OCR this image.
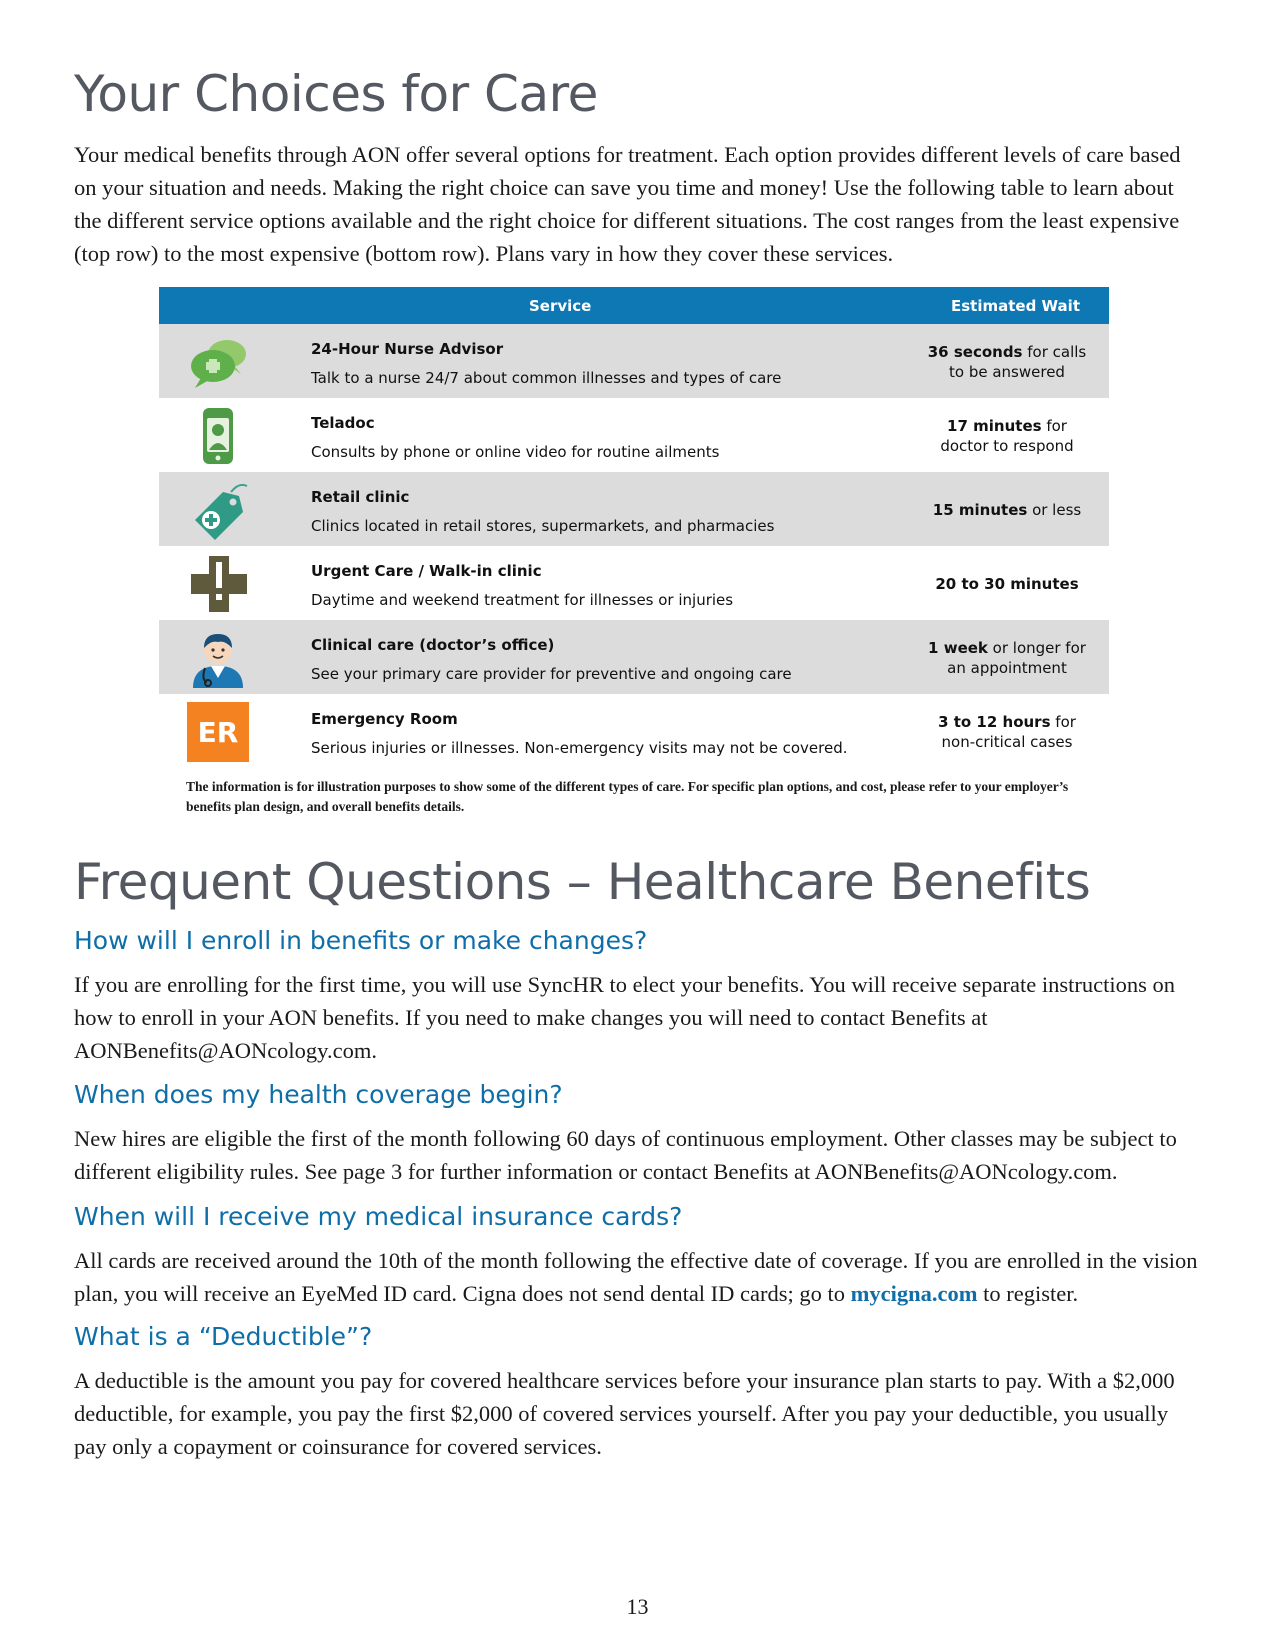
Your Choices for Care

Your medical benefits through AON offer several options for treatment. Each option provides different levels of care based on your situation and needs. Making the right choice can save you time and money! Use the following table to learn about the different service options available and the right choice for different situations. The cost ranges from the least expensive (top row) to the most expensive (bottom row). Plans vary in how they cover these services.

Service	Estimated Wait
24-Hour Nurse Advisor
Talk to a nurse 24/7 about common illnesses and types of care
36 seconds for calls
to be answered
Teladoc
Consults by phone or online video for routine ailments
17 minutes for
doctor to respond
Retail clinic
Clinics located in retail stores, supermarkets, and pharmacies
15 minutes or less
Urgent Care / Walk-in clinic
Daytime and weekend treatment for illnesses or injuries
20 to 30 minutes
Clinical care (doctor’s office)
See your primary care provider for preventive and ongoing care
1 week or longer for
an appointment
ER	Emergency Room
Serious injuries or illnesses. Non-emergency visits may not be covered.
3 to 12 hours for
non-critical cases

The information is for illustration purposes to show some of the different types of care. For specific plan options, and cost, please refer to your employer’s benefits plan design, and overall benefits details.

Frequent Questions – Healthcare Benefits
How will I enroll in benefits or make changes?

If you are enrolling for the first time, you will use SyncHR to elect your benefits. You will receive separate instructions on how to enroll in your AON benefits. If you need to make changes you will need to contact Benefits at AONBenefits@AONcology.com.

When does my health coverage begin?

New hires are eligible the first of the month following 60 days of continuous employment. Other classes may be subject to different eligibility rules. See page 3 for further information or contact Benefits at AONBenefits@AONcology.com.

When will I receive my medical insurance cards?

All cards are received around the 10th of the month following the effective date of coverage. If you are enrolled in the vision plan, you will receive an EyeMed ID card. Cigna does not send dental ID cards; go to mycigna.com to register.

What is a “Deductible”?

A deductible is the amount you pay for covered healthcare services before your insurance plan starts to pay. With a $2,000 deductible, for example, you pay the first $2,000 of covered services yourself. After you pay your deductible, you usually pay only a copayment or coinsurance for covered services.

13
